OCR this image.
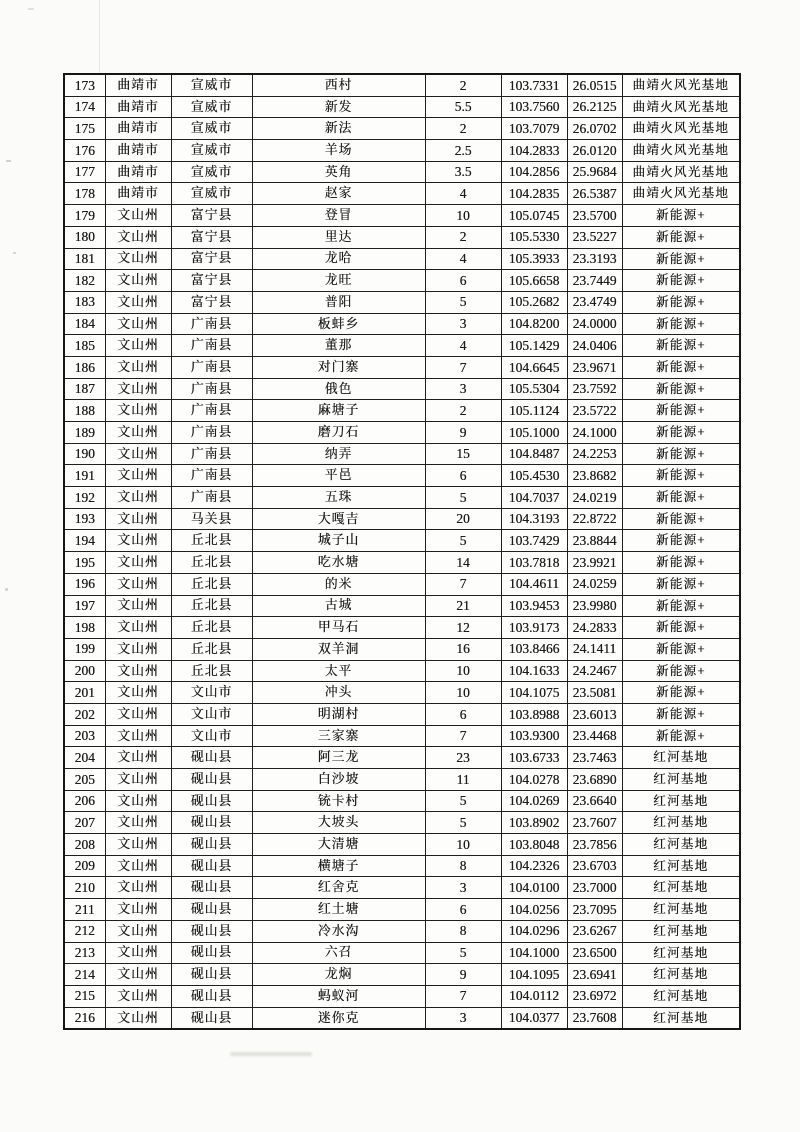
173	曲靖市	宣威市	西村	2	103.7331	26.0515	曲靖火风光基地
174	曲靖市	宣威市	新发	5.5	103.7560	26.2125	曲靖火风光基地
175	曲靖市	宣威市	新法	2	103.7079	26.0702	曲靖火风光基地
176	曲靖市	宣威市	羊场	2.5	104.2833	26.0120	曲靖火风光基地
177	曲靖市	宣威市	英角	3.5	104.2856	25.9684	曲靖火风光基地
178	曲靖市	宣威市	赵家	4	104.2835	26.5387	曲靖火风光基地
179	文山州	富宁县	登冒	10	105.0745	23.5700	新能源+
180	文山州	富宁县	里达	2	105.5330	23.5227	新能源+
181	文山州	富宁县	龙哈	4	105.3933	23.3193	新能源+
182	文山州	富宁县	龙旺	6	105.6658	23.7449	新能源+
183	文山州	富宁县	普阳	5	105.2682	23.4749	新能源+
184	文山州	广南县	板蚌乡	3	104.8200	24.0000	新能源+
185	文山州	广南县	董那	4	105.1429	24.0406	新能源+
186	文山州	广南县	对门寨	7	104.6645	23.9671	新能源+
187	文山州	广南县	俄色	3	105.5304	23.7592	新能源+
188	文山州	广南县	麻塘子	2	105.1124	23.5722	新能源+
189	文山州	广南县	磨刀石	9	105.1000	24.1000	新能源+
190	文山州	广南县	纳弄	15	104.8487	24.2253	新能源+
191	文山州	广南县	平邑	6	105.4530	23.8682	新能源+
192	文山州	广南县	五珠	5	104.7037	24.0219	新能源+
193	文山州	马关县	大嘎吉	20	104.3193	22.8722	新能源+
194	文山州	丘北县	城子山	5	103.7429	23.8844	新能源+
195	文山州	丘北县	吃水塘	14	103.7818	23.9921	新能源+
196	文山州	丘北县	的米	7	104.4611	24.0259	新能源+
197	文山州	丘北县	古城	21	103.9453	23.9980	新能源+
198	文山州	丘北县	甲马石	12	103.9173	24.2833	新能源+
199	文山州	丘北县	双羊洞	16	103.8466	24.1411	新能源+
200	文山州	丘北县	太平	10	104.1633	24.2467	新能源+
201	文山州	文山市	冲头	10	104.1075	23.5081	新能源+
202	文山州	文山市	明湖村	6	103.8988	23.6013	新能源+
203	文山州	文山市	三家寨	7	103.9300	23.4468	新能源+
204	文山州	砚山县	阿三龙	23	103.6733	23.7463	红河基地
205	文山州	砚山县	白沙坡	11	104.0278	23.6890	红河基地
206	文山州	砚山县	铳卡村	5	104.0269	23.6640	红河基地
207	文山州	砚山县	大坡头	5	103.8902	23.7607	红河基地
208	文山州	砚山县	大清塘	10	103.8048	23.7856	红河基地
209	文山州	砚山县	横塘子	8	104.2326	23.6703	红河基地
210	文山州	砚山县	红舍克	3	104.0100	23.7000	红河基地
211	文山州	砚山县	红土塘	6	104.0256	23.7095	红河基地
212	文山州	砚山县	冷水沟	8	104.0296	23.6267	红河基地
213	文山州	砚山县	六召	5	104.1000	23.6500	红河基地
214	文山州	砚山县	龙焖	9	104.1095	23.6941	红河基地
215	文山州	砚山县	蚂蚁河	7	104.0112	23.6972	红河基地
216	文山州	砚山县	迷你克	3	104.0377	23.7608	红河基地
